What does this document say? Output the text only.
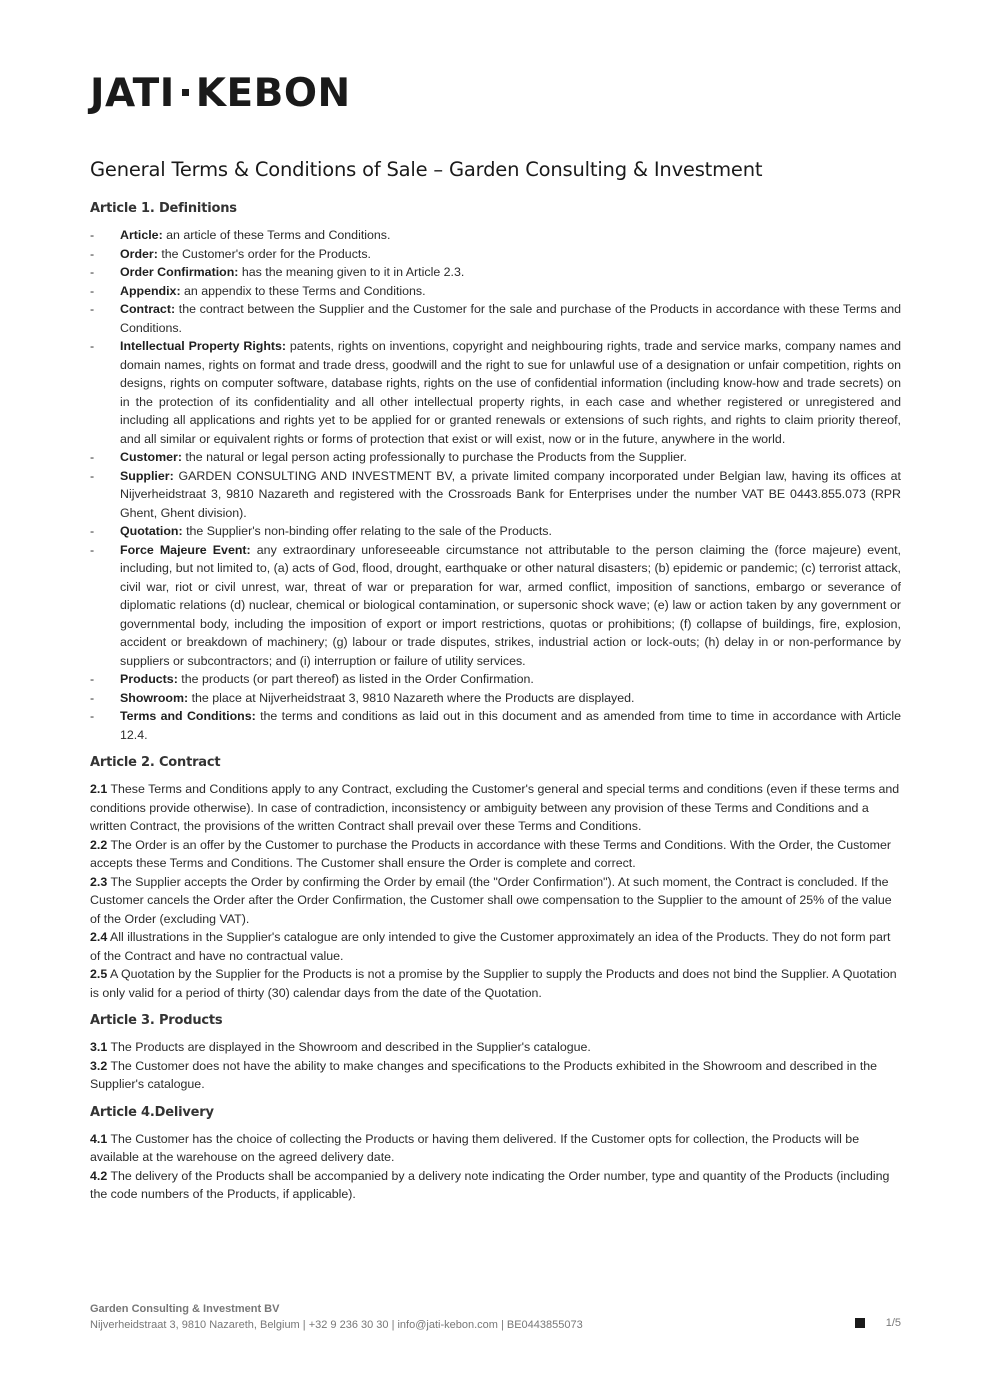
JATI KEBON
General Terms & Conditions of Sale – Garden Consulting & Investment
Article 1. Definitions
- Article: an article of these Terms and Conditions.
- Order: the Customer's order for the Products.
- Order Confirmation: has the meaning given to it in Article 2.3.
- Appendix: an appendix to these Terms and Conditions.
- Contract: the contract between the Supplier and the Customer for the sale and purchase of the Products in accordance with these Terms and Conditions.
- Intellectual Property Rights: patents, rights on inventions, copyright and neighbouring rights, trade and service marks, company names and domain names, rights on format and trade dress, goodwill and the right to sue for unlawful use of a designation or unfair competition, rights on designs, rights on computer software, database rights, rights on the use of confidential information (including know-how and trade secrets) on in the protection of its confidentiality and all other intellectual property rights, in each case and whether registered or unregistered and including all applications and rights yet to be applied for or granted renewals or extensions of such rights, and rights to claim priority thereof, and all similar or equivalent rights or forms of protection that exist or will exist, now or in the future, anywhere in the world.
- Customer: the natural or legal person acting professionally to purchase the Products from the Supplier.
- Supplier: GARDEN CONSULTING AND INVESTMENT BV, a private limited company incorporated under Belgian law, having its offices at Nijverheidstraat 3, 9810 Nazareth and registered with the Crossroads Bank for Enterprises under the number VAT BE 0443.855.073 (RPR Ghent, Ghent division).
- Quotation: the Supplier's non-binding offer relating to the sale of the Products.
- Force Majeure Event: any extraordinary unforeseeable circumstance not attributable to the person claiming the (force majeure) event, including, but not limited to, (a) acts of God, flood, drought, earthquake or other natural disasters; (b) epidemic or pandemic; (c) terrorist attack, civil war, riot or civil unrest, war, threat of war or preparation for war, armed conflict, imposition of sanctions, embargo or severance of diplomatic relations (d) nuclear, chemical or biological contamination, or supersonic shock wave; (e) law or action taken by any government or governmental body, including the imposition of export or import restrictions, quotas or prohibitions; (f) collapse of buildings, fire, explosion, accident or breakdown of machinery; (g) labour or trade disputes, strikes, industrial action or lock-outs; (h) delay in or non-performance by suppliers or subcontractors; and (i) interruption or failure of utility services.
- Products: the products (or part thereof) as listed in the Order Confirmation.
- Showroom: the place at Nijverheidstraat 3, 9810 Nazareth where the Products are displayed.
- Terms and Conditions: the terms and conditions as laid out in this document and as amended from time to time in accordance with Article 12.4.
Article 2. Contract

2.1 These Terms and Conditions apply to any Contract, excluding the Customer's general and special terms and conditions (even if these terms and conditions provide otherwise). In case of contradiction, inconsistency or ambiguity between any provision of these Terms and Conditions and a written Contract, the provisions of the written Contract shall prevail over these Terms and Conditions.

2.2 The Order is an offer by the Customer to purchase the Products in accordance with these Terms and Conditions. With the Order, the Customer accepts these Terms and Conditions. The Customer shall ensure the Order is complete and correct.

2.3 The Supplier accepts the Order by confirming the Order by email (the "Order Confirmation"). At such moment, the Contract is concluded. If the Customer cancels the Order after the Order Confirmation, the Customer shall owe compensation to the Supplier to the amount of 25% of the value of the Order (excluding VAT).

2.4 All illustrations in the Supplier's catalogue are only intended to give the Customer approximately an idea of the Products. They do not form part of the Contract and have no contractual value.

2.5 A Quotation by the Supplier for the Products is not a promise by the Supplier to supply the Products and does not bind the Supplier. A Quotation is only valid for a period of thirty (30) calendar days from the date of the Quotation.

Article 3. Products

3.1 The Products are displayed in the Showroom and described in the Supplier's catalogue.

3.2 The Customer does not have the ability to make changes and specifications to the Products exhibited in the Showroom and described in the Supplier's catalogue.

Article 4.Delivery

4.1 The Customer has the choice of collecting the Products or having them delivered. If the Customer opts for collection, the Products will be available at the warehouse on the agreed delivery date.

4.2 The delivery of the Products shall be accompanied by a delivery note indicating the Order number, type and quantity of the Products (including the code numbers of the Products, if applicable).

Garden Consulting & Investment BV
Nijverheidstraat 3, 9810 Nazareth, Belgium | +32 9 236 30 30 | info@jati-kebon.com | BE0443855073	1/5
